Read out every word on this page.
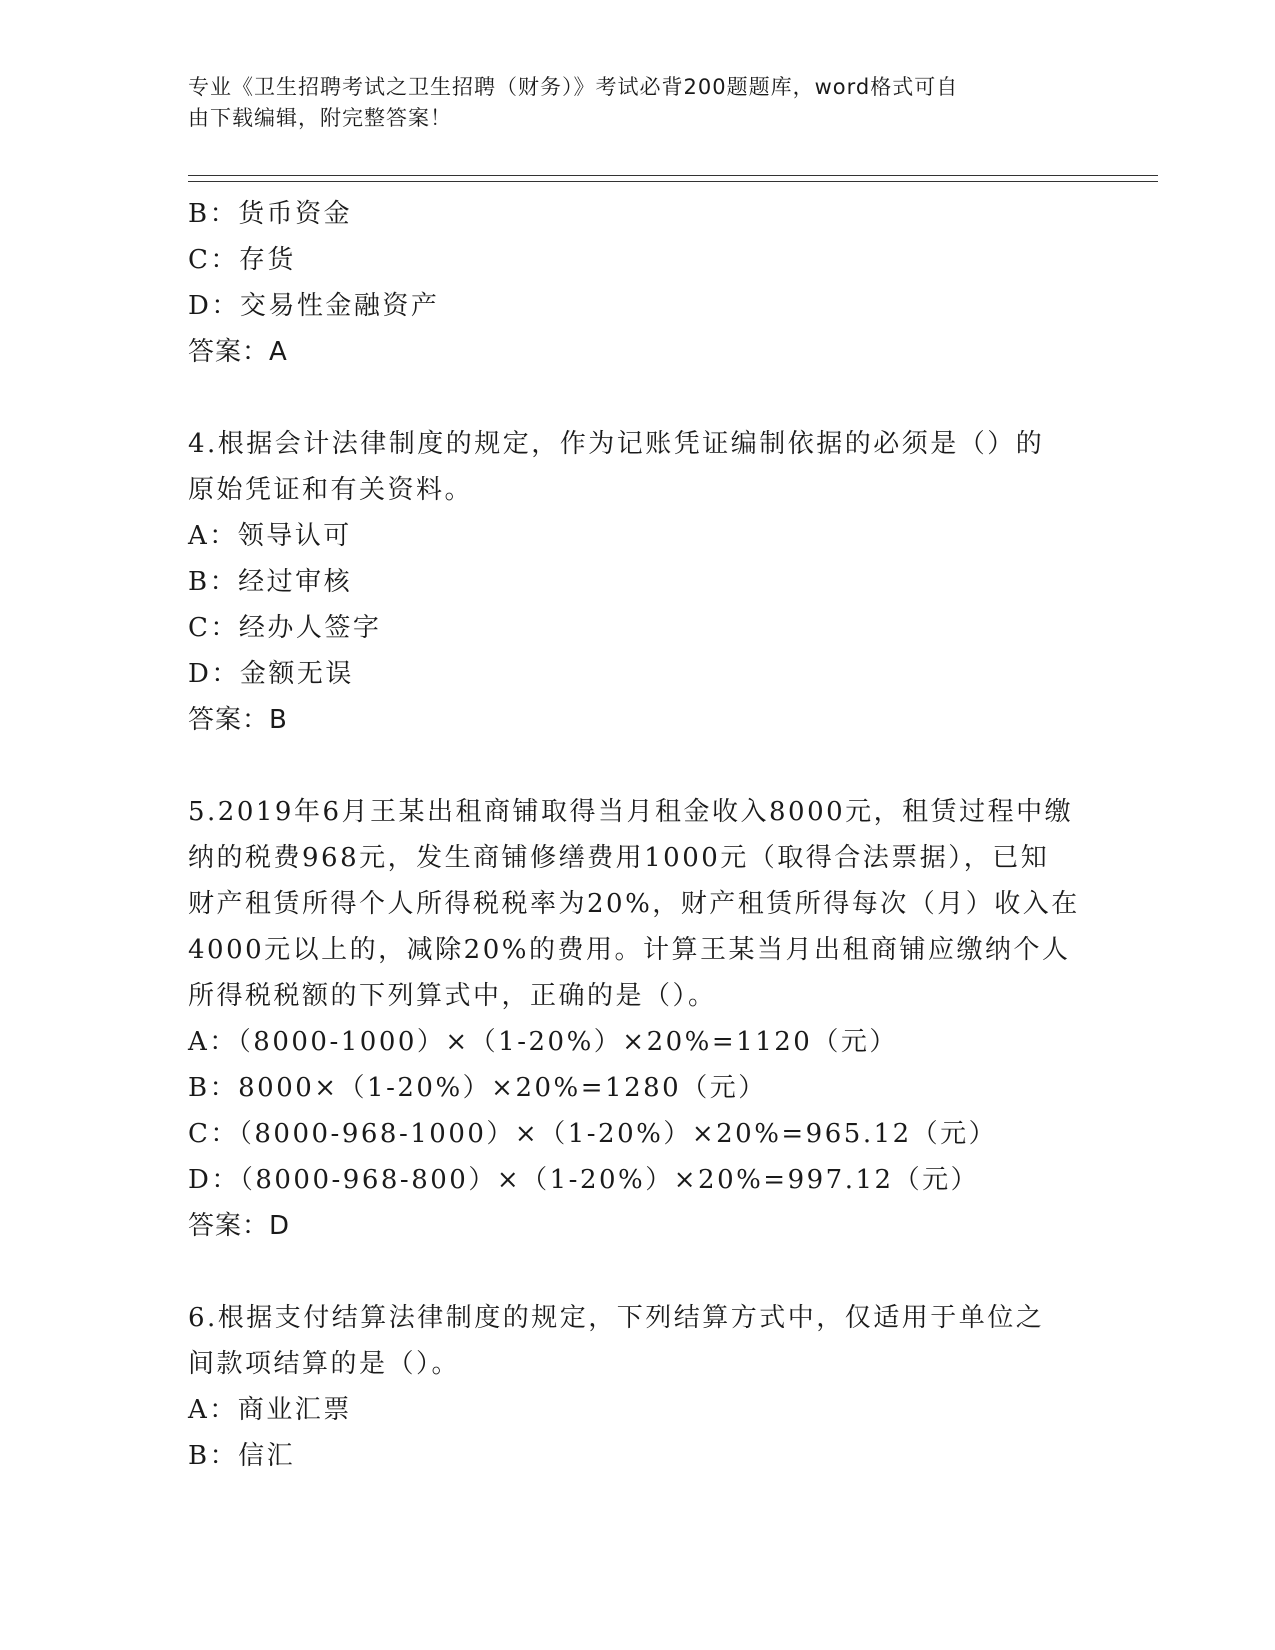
专业《卫生招聘考试之卫生招聘（财务）》考试必背200题题库，word格式可自
由下载编辑，附完整答案！
B：货币资金
C：存货
D：交易性金融资产
答案：A
4.根据会计法律制度的规定，作为记账凭证编制依据的必须是（）的
原始凭证和有关资料。
A：领导认可
B：经过审核
C：经办人签字
D：金额无误
答案：B
5.2019年6月王某出租商铺取得当月租金收入8000元，租赁过程中缴
纳的税费968元，发生商铺修缮费用1000元（取得合法票据），已知
财产租赁所得个人所得税税率为20%，财产租赁所得每次（月）收入在
4000元以上的，减除20%的费用。计算王某当月出租商铺应缴纳个人
所得税税额的下列算式中，正确的是（）。
A：（8000-1000）×（1-20%）×20%=1120（元）
B：8000×（1-20%）×20%=1280（元）
C：（8000-968-1000）×（1-20%）×20%=965.12（元）
D：（8000-968-800）×（1-20%）×20%=997.12（元）
答案：D
6.根据支付结算法律制度的规定，下列结算方式中，仅适用于单位之
间款项结算的是（）。
A：商业汇票
B：信汇
